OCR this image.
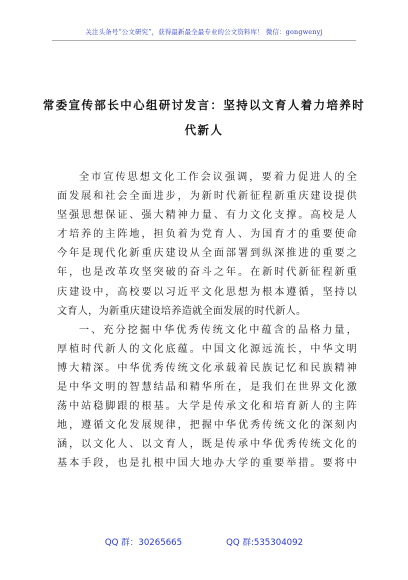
关注头条号“公文研究”，获得最新最全最专业的公文资料库！ 微信：gongwenyj
常委宣传部长中心组研讨发言：坚持以文育人着力培养时
代新人
全市宣传思想文化工作会议强调，要着力促进人的全
面发展和社会全面进步，为新时代新征程新重庆建设提供
坚强思想保证、强大精神力量、有力文化支撑。高校是人
才培养的主阵地，担负着为党育人、为国育才的重要使命
今年是现代化新重庆建设从全面部署到纵深推进的重要之
年，也是改革攻坚突破的奋斗之年。在新时代新征程新重
庆建设中，高校要以习近平文化思想为根本遵循，坚持以
文育人，为新重庆建设培养造就全面发展的时代新人。
一、充分挖掘中华优秀传统文化中蕴含的品格力量，
厚植时代新人的文化底蕴。中国文化源远流长，中华文明
博大精深。中华优秀传统文化承载着民族记忆和民族精神
是中华文明的智慧结晶和精华所在，是我们在世界文化激
荡中站稳脚跟的根基。大学是传承文化和培育新人的主阵
地，遵循文化发展规律，把握中华优秀传统文化的深刻内
涵，以文化人、以文育人，既是传承中华优秀传统文化的
基本手段，也是扎根中国大地办大学的重要举措。要将中
QQ 群：30265665	QQ 群:535304092
